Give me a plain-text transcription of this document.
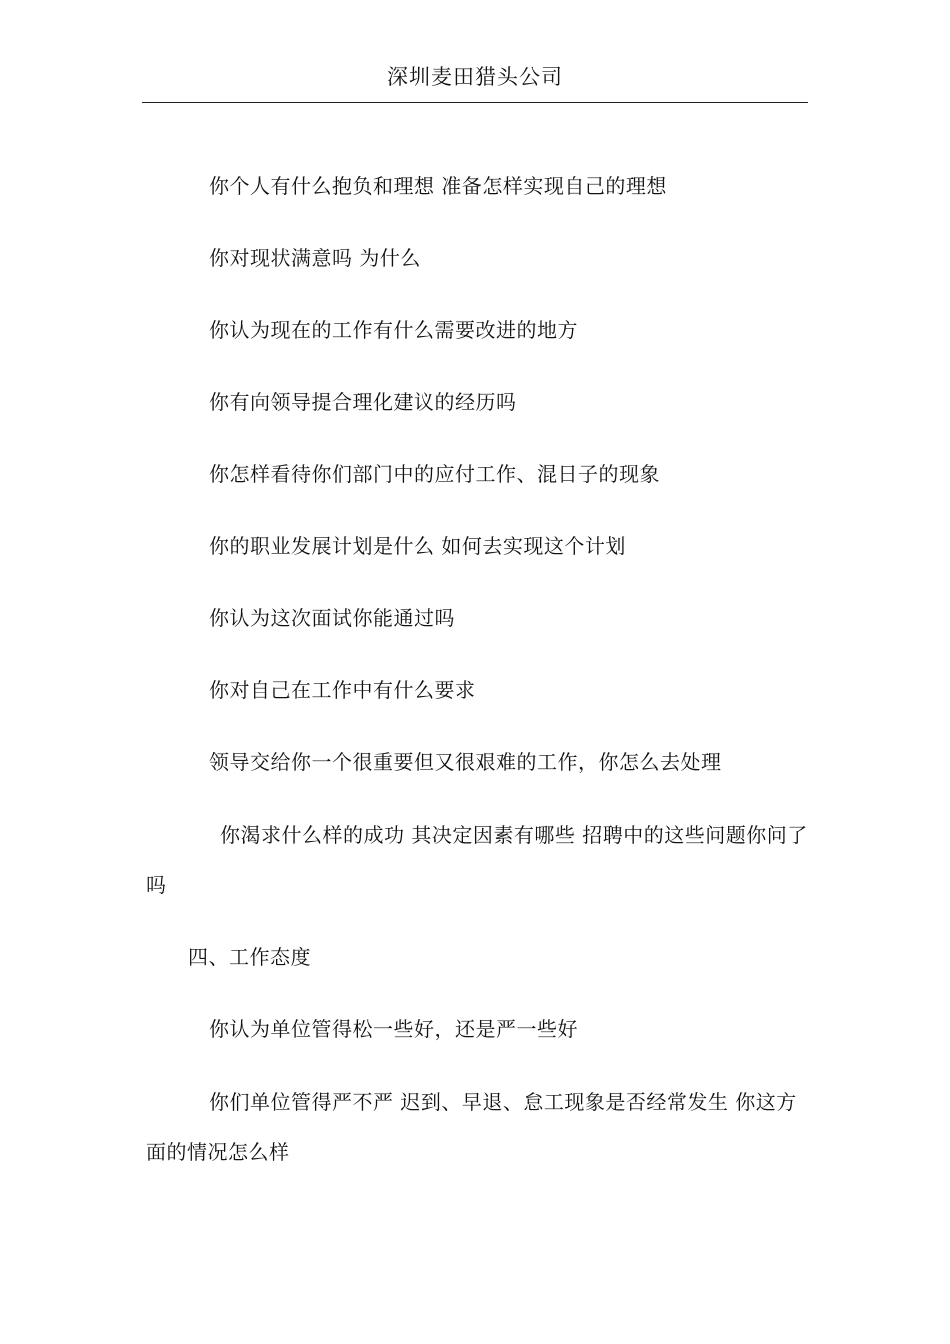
深圳麦田猎头公司
你个人有什么抱负和理想 准备怎样实现自己的理想
你对现状满意吗 为什么
你认为现在的工作有什么需要改进的地方
你有向领导提合理化建议的经历吗
你怎样看待你们部门中的应付工作、混日子的现象
你的职业发展计划是什么 如何去实现这个计划
你认为这次面试你能通过吗
你对自己在工作中有什么要求
领导交给你一个很重要但又很艰难的工作，你怎么去处理
你渴求什么样的成功 其决定因素有哪些 招聘中的这些问题你问了吗
四、工作态度
你认为单位管得松一些好，还是严一些好
你们单位管得严不严 迟到、早退、怠工现象是否经常发生 你这方面的情况怎么样
